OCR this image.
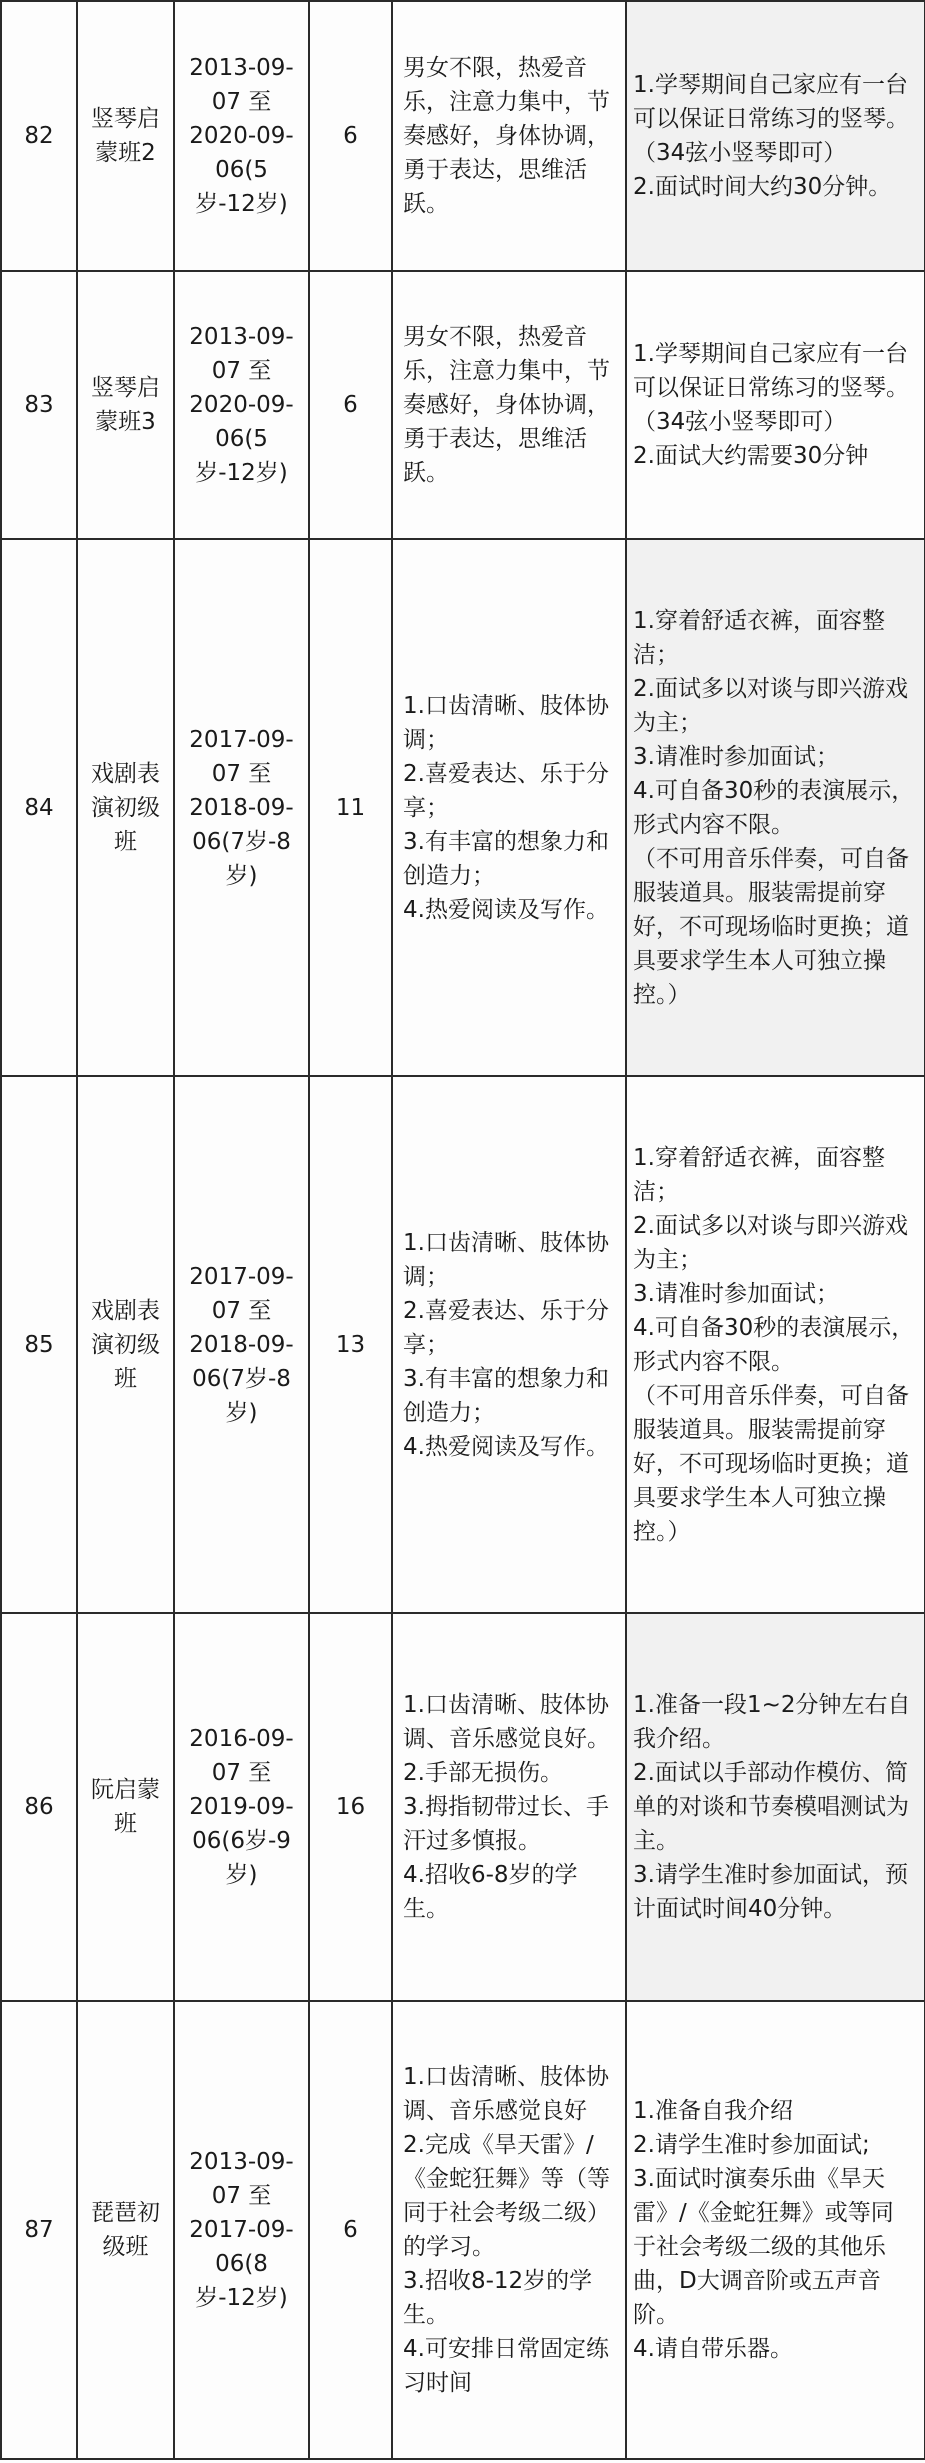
82	竖琴启蒙班2	2013-09-07 至 2020-09-06(5岁-12岁)	6	男女不限，热爱音乐，注意力集中，节奏感好，身体协调，勇于表达，思维活跃。	1.学琴期间自己家应有一台可以保证日常练习的竖琴。（34弦小竖琴即可）
2.面试时间大约30分钟。

83	竖琴启蒙班3	2013-09-07 至 2020-09-06(5岁-12岁)	6	男女不限，热爱音乐，注意力集中，节奏感好，身体协调，勇于表达，思维活跃。	1.学琴期间自己家应有一台可以保证日常练习的竖琴。（34弦小竖琴即可）
2.面试大约需要30分钟

84	戏剧表演初级班	2017-09-07 至 2018-09-06(7岁-8岁)	11	1.口齿清晰、肢体协调；
2.喜爱表达、乐于分享；
3.有丰富的想象力和创造力；
4.热爱阅读及写作。	1.穿着舒适衣裤，面容整洁；
2.面试多以对谈与即兴游戏为主；
3.请准时参加面试；
4.可自备30秒的表演展示，形式内容不限。
（不可用音乐伴奏，可自备服装道具。服装需提前穿好，不可现场临时更换；道具要求学生本人可独立操控。）

85	戏剧表演初级班	2017-09-07 至 2018-09-06(7岁-8岁)	13	1.口齿清晰、肢体协调；
2.喜爱表达、乐于分享；
3.有丰富的想象力和创造力；
4.热爱阅读及写作。	1.穿着舒适衣裤，面容整洁；
2.面试多以对谈与即兴游戏为主；
3.请准时参加面试；
4.可自备30秒的表演展示，形式内容不限。
（不可用音乐伴奏，可自备服装道具。服装需提前穿好，不可现场临时更换；道具要求学生本人可独立操控。）

86	阮启蒙班	2016-09-07 至 2019-09-06(6岁-9岁)	16	1.口齿清晰、肢体协调、音乐感觉良好。
2.手部无损伤。
3.拇指韧带过长、手汗过多慎报。
4.招收6-8岁的学生。	1.准备一段1~2分钟左右自我介绍。
2.面试以手部动作模仿、简单的对谈和节奏模唱测试为主。
3.请学生准时参加面试，预计面试时间40分钟。

87	琵琶初级班	2013-09-07 至 2017-09-06(8岁-12岁)	6	1.口齿清晰、肢体协调、音乐感觉良好
2.完成《旱天雷》/《金蛇狂舞》等（等同于社会考级二级）的学习。
3.招收8-12岁的学生。
4.可安排日常固定练习时间	1.准备自我介绍
2.请学生准时参加面试;
3.面试时演奏乐曲《旱天雷》/《金蛇狂舞》或等同于社会考级二级的其他乐曲，D大调音阶或五声音阶。
4.请自带乐器。
